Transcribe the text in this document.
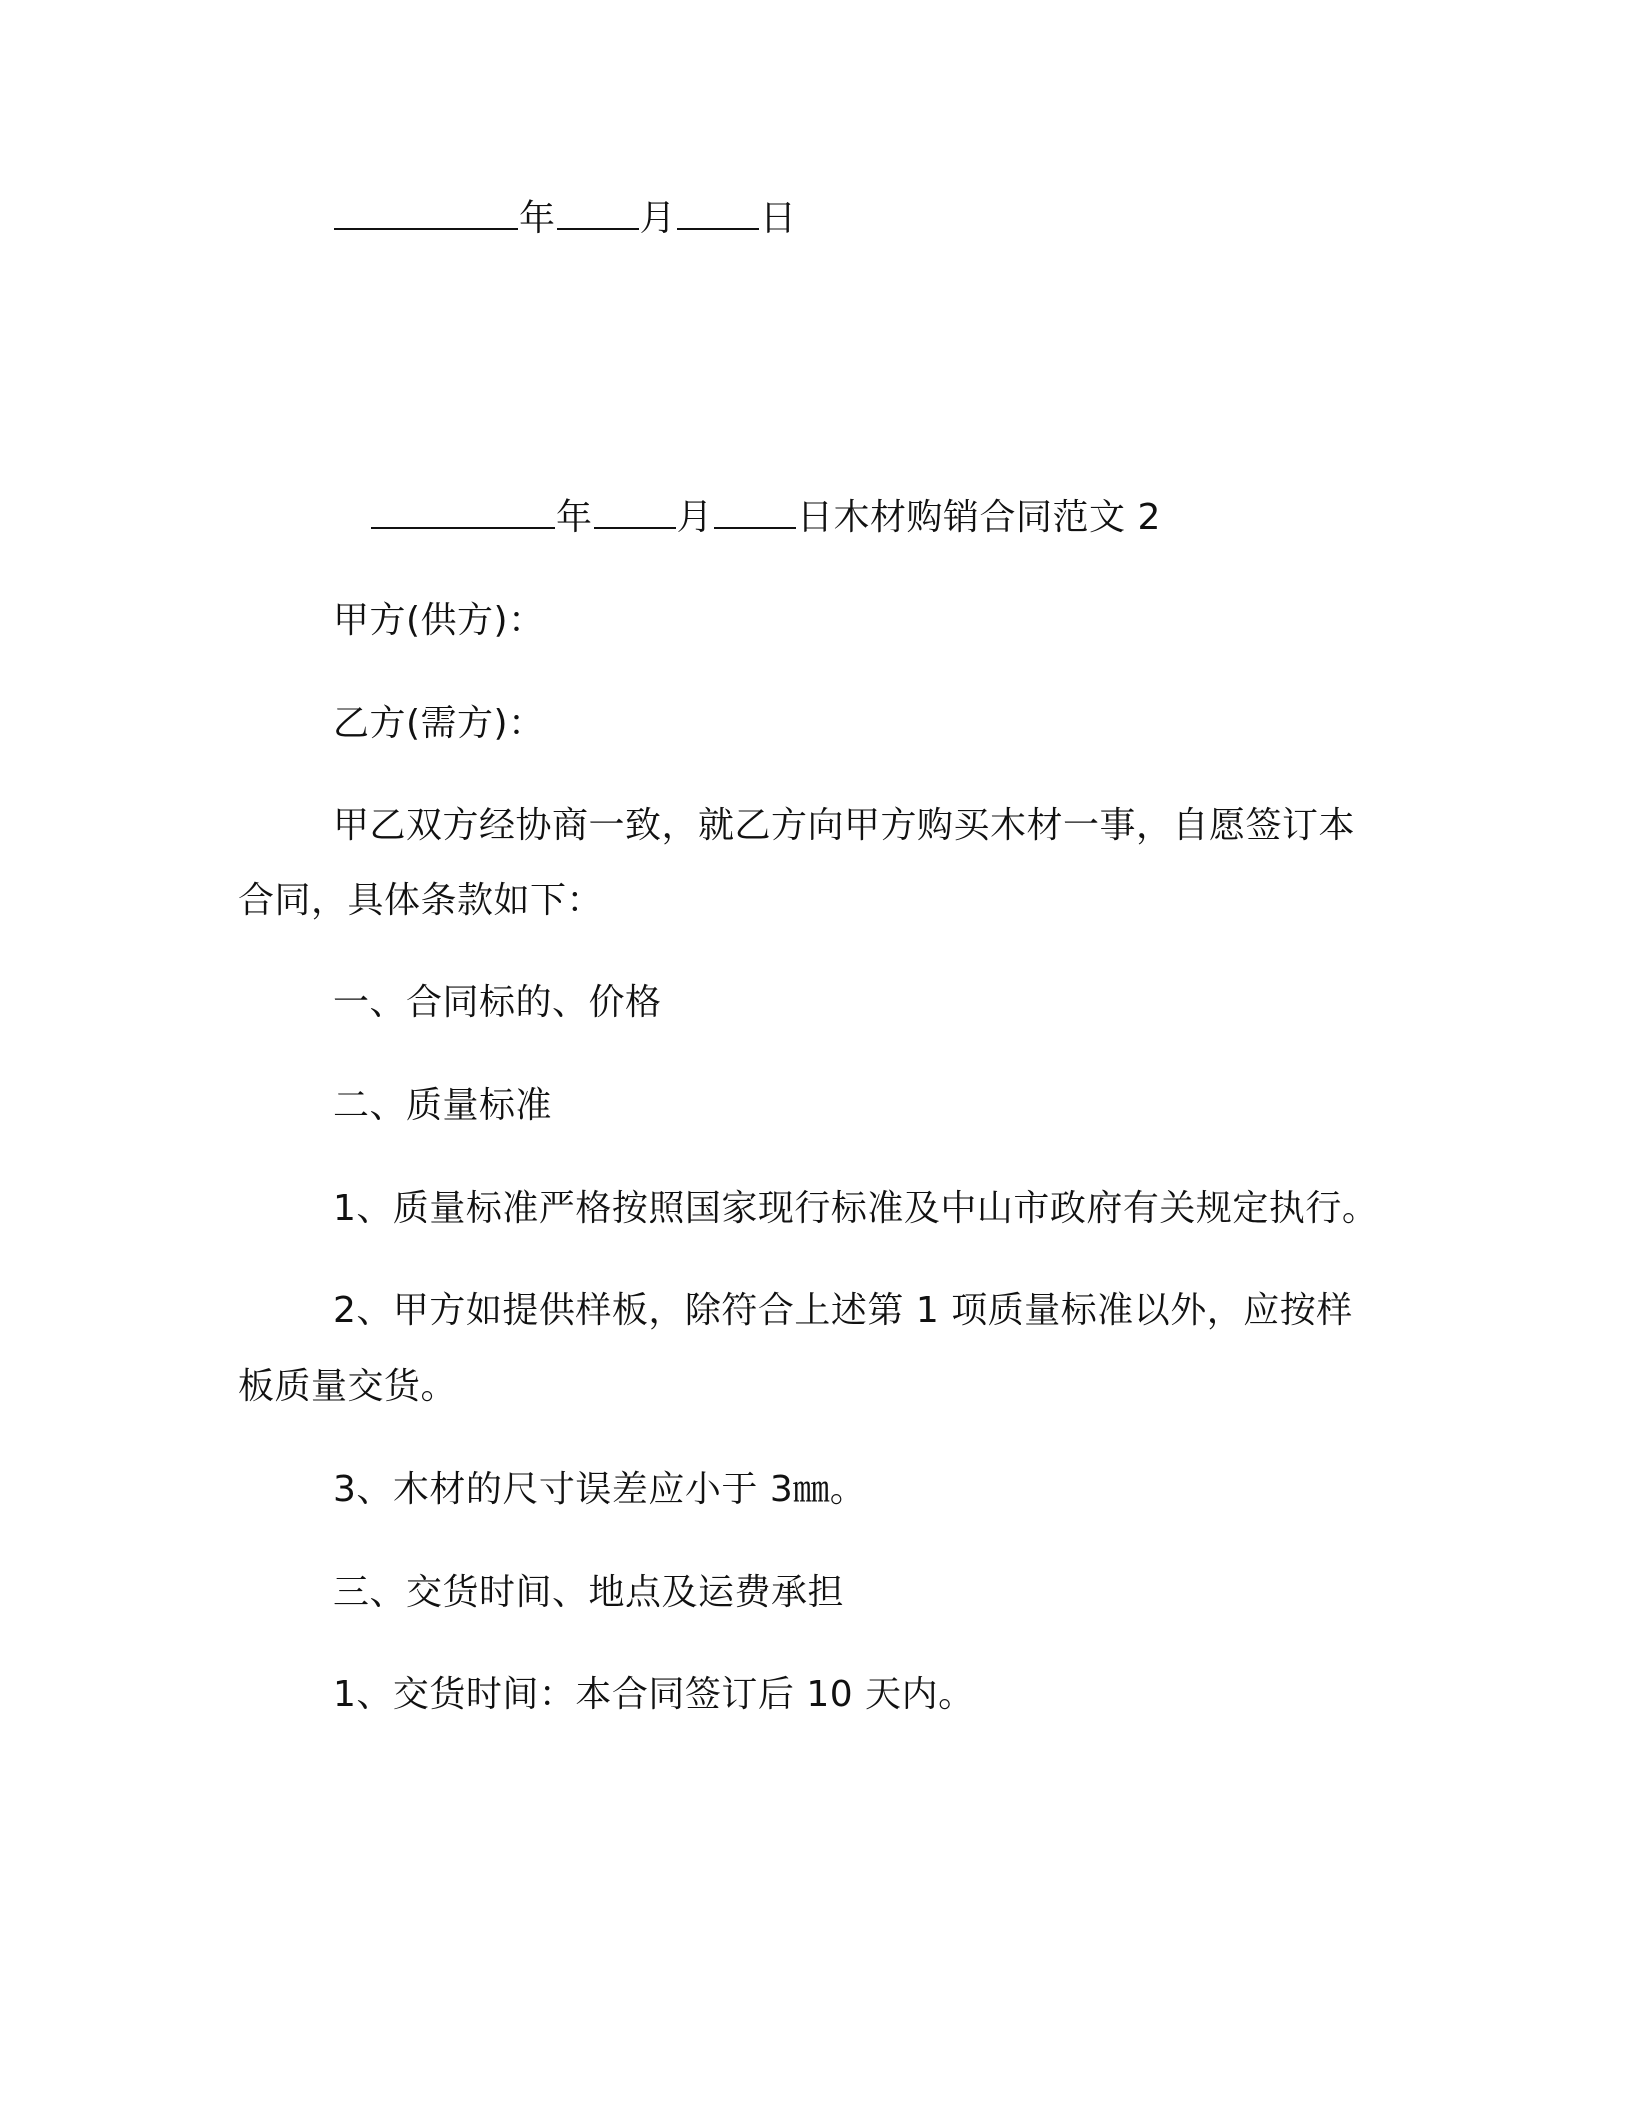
年 月 日
年 月 日木材购销合同范文 2
甲方(供方)：
乙方(需方)：
甲乙双方经协商一致，就乙方向甲方购买木材一事，自愿签订本
合同，具体条款如下：
一、合同标的、价格
二、质量标准
1、质量标准严格按照国家现行标准及中山市政府有关规定执行。
2、甲方如提供样板，除符合上述第 1 项质量标准以外，应按样
板质量交货。
3、木材的尺寸误差应小于 3㎜。
三、交货时间、地点及运费承担
1、交货时间：本合同签订后 10 天内。
